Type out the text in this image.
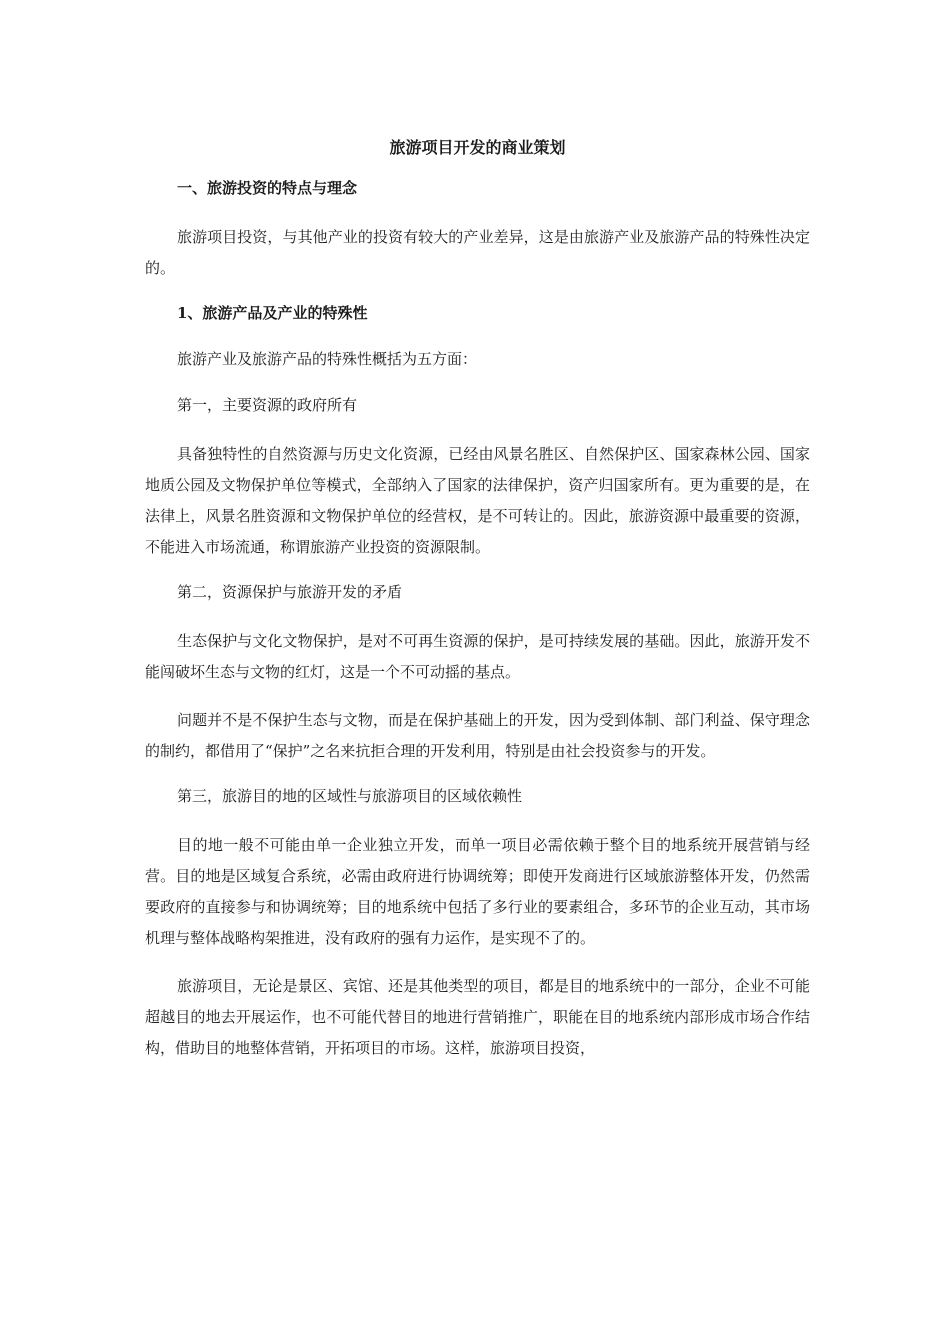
旅游项目开发的商业策划

一、旅游投资的特点与理念

旅游项目投资，与其他产业的投资有较大的产业差异，这是由旅游产业及旅游产品的特殊性决定的。

1、旅游产品及产业的特殊性

旅游产业及旅游产品的特殊性概括为五方面：

第一，主要资源的政府所有

具备独特性的自然资源与历史文化资源，已经由风景名胜区、自然保护区、国家森林公园、国家地质公园及文物保护单位等模式，全部纳入了国家的法律保护，资产归国家所有。更为重要的是，在法律上，风景名胜资源和文物保护单位的经营权，是不可转让的。因此，旅游资源中最重要的资源，不能进入市场流通，称谓旅游产业投资的资源限制。

第二，资源保护与旅游开发的矛盾

生态保护与文化文物保护，是对不可再生资源的保护，是可持续发展的基础。因此，旅游开发不能闯破坏生态与文物的红灯，这是一个不可动摇的基点。

问题并不是不保护生态与文物，而是在保护基础上的开发，因为受到体制、部门利益、保守理念的制约，都借用了“保护”之名来抗拒合理的开发利用，特别是由社会投资参与的开发。

第三，旅游目的地的区域性与旅游项目的区域依赖性

目的地一般不可能由单一企业独立开发，而单一项目必需依赖于整个目的地系统开展营销与经营。目的地是区域复合系统，必需由政府进行协调统筹；即使开发商进行区域旅游整体开发，仍然需要政府的直接参与和协调统筹；目的地系统中包括了多行业的要素组合，多环节的企业互动，其市场机理与整体战略构架推进，没有政府的强有力运作，是实现不了的。

旅游项目，无论是景区、宾馆、还是其他类型的项目，都是目的地系统中的一部分，企业不可能超越目的地去开展运作，也不可能代替目的地进行营销推广，职能在目的地系统内部形成市场合作结构，借助目的地整体营销，开拓项目的市场。这样，旅游项目投资，
